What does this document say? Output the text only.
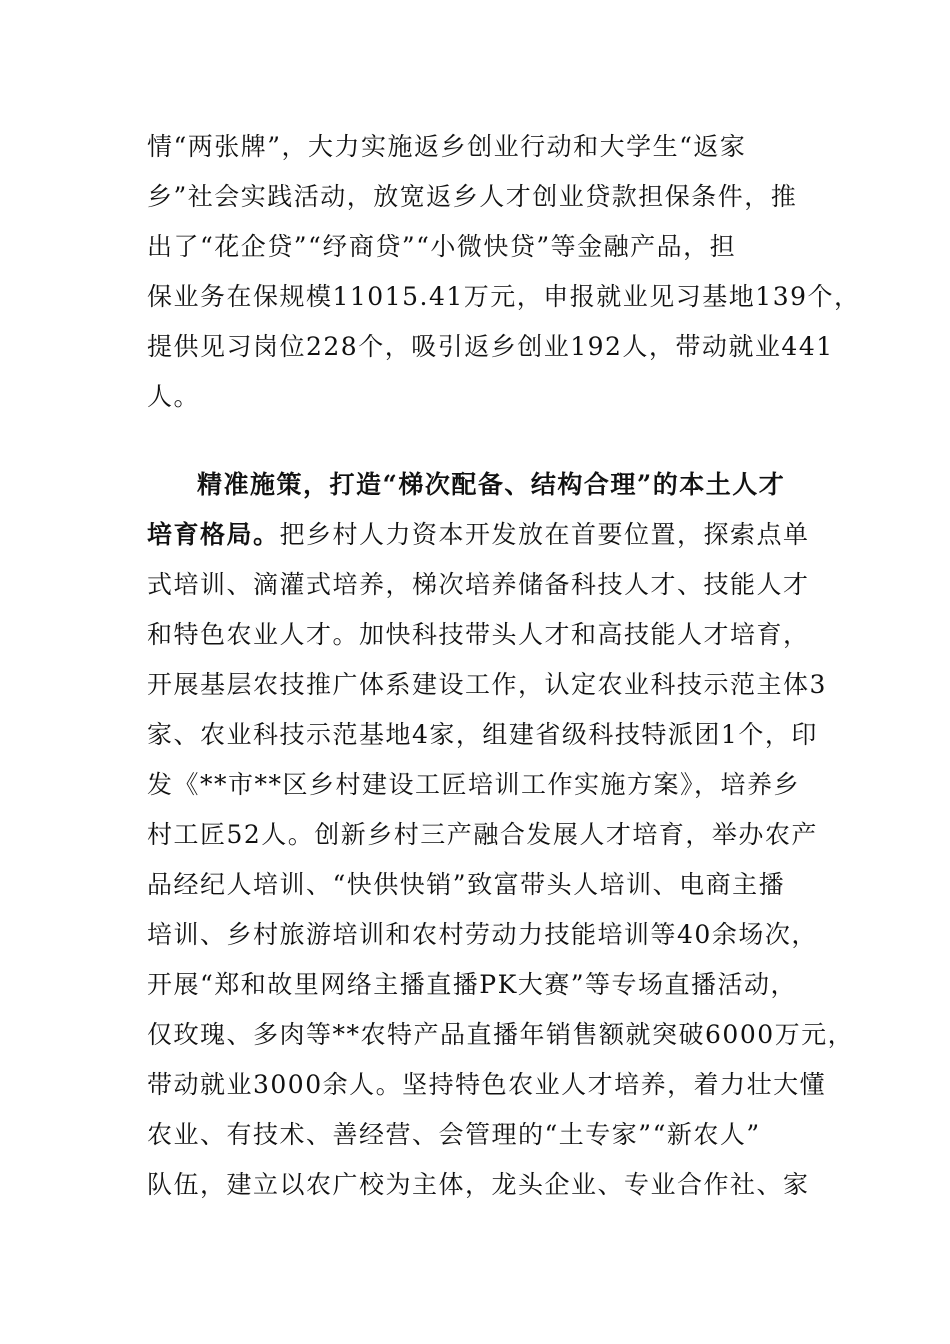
情“两张牌”，大力实施返乡创业行动和大学生“返家
乡”社会实践活动，放宽返乡人才创业贷款担保条件，推
出了“花企贷”“纾商贷”“小微快贷”等金融产品，担
保业务在保规模11015.41万元，申报就业见习基地139个，
提供见习岗位228个，吸引返乡创业192人，带动就业441
人。
精准施策，打造“梯次配备、结构合理”的本土人才
培育格局。把乡村人力资本开发放在首要位置，探索点单
式培训、滴灌式培养，梯次培养储备科技人才、技能人才
和特色农业人才。加快科技带头人才和高技能人才培育，
开展基层农技推广体系建设工作，认定农业科技示范主体3
家、农业科技示范基地4家，组建省级科技特派团1个，印
发《**市**区乡村建设工匠培训工作实施方案》，培养乡
村工匠52人。创新乡村三产融合发展人才培育，举办农产
品经纪人培训、“快供快销”致富带头人培训、电商主播
培训、乡村旅游培训和农村劳动力技能培训等40余场次，
开展“郑和故里网络主播直播PK大赛”等专场直播活动，
仅玫瑰、多肉等**农特产品直播年销售额就突破6000万元，
带动就业3000余人。坚持特色农业人才培养，着力壮大懂
农业、有技术、善经营、会管理的“土专家”“新农人”
队伍，建立以农广校为主体，龙头企业、专业合作社、家
